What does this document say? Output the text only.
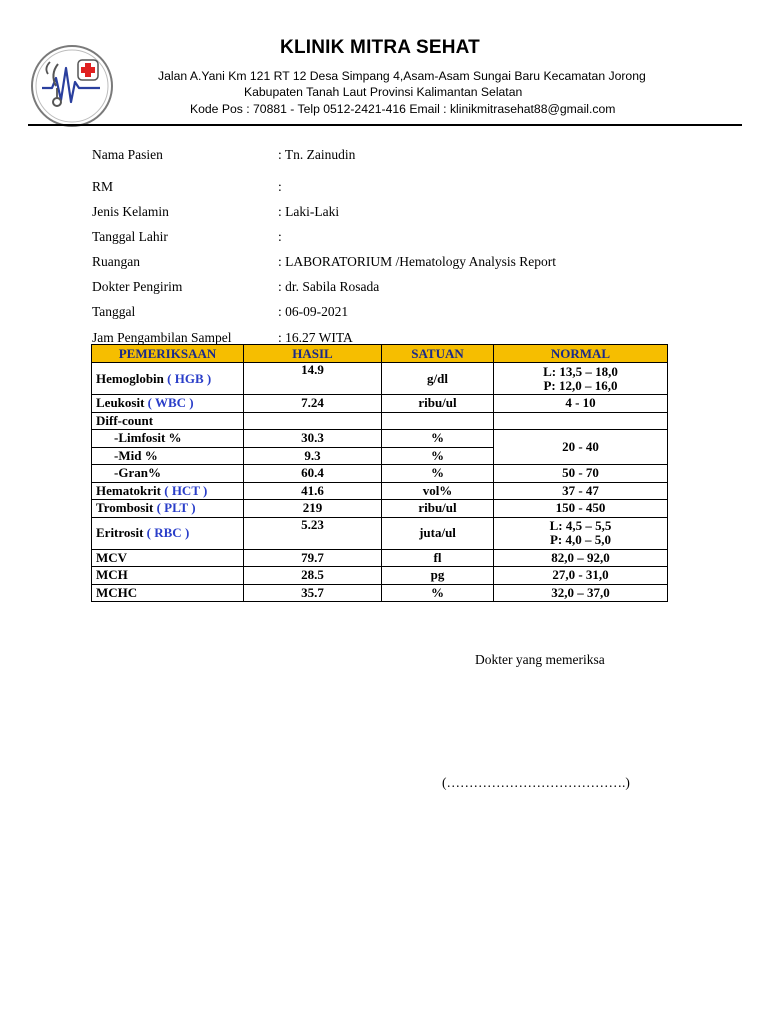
KLINIK MITRA SEHAT
Jalan A.Yani Km 121 RT 12 Desa Simpang 4,Asam-Asam Sungai Baru Kecamatan Jorong
Kabupaten Tanah Laut Provinsi Kalimantan Selatan
Kode Pos : 70881 - Telp 0512-2421-416 Email : klinikmitrasehat88@gmail.com
Nama Pasien	: Tn. Zainudin
RM	:
Jenis Kelamin	: Laki-Laki
Tanggal Lahir	:
Ruangan	: LABORATORIUM /Hematology Analysis Report
Dokter Pengirim	: dr. Sabila Rosada
Tanggal	: 06-09-2021
Jam Pengambilan Sampel	: 16.27 WITA
PEMERIKSAAN	HASIL	SATUAN	NORMAL
Hemoglobin ( HGB )	14.9	g/dl	L: 13,5 – 18,0
P: 12,0 – 16,0

Leukosit ( WBC )	7.24	ribu/ul	4 - 10
Diff-count			
-Limfosit %	30.3	%	20 - 40
-Mid %	9.3	%	
-Gran%	60.4	%	50 - 70
Hematokrit ( HCT )	41.6	vol%	37 - 47
Trombosit ( PLT )	219	ribu/ul	150 - 450
Eritrosit ( RBC )	5.23	juta/ul	L: 4,5 – 5,5
P: 4,0 – 5,0

MCV	79.7	fl	82,0 – 92,0
MCH	28.5	pg	27,0 - 31,0
MCHC	35.7	%	32,0 – 37,0
Dokter yang memeriksa
(………………………………….)
